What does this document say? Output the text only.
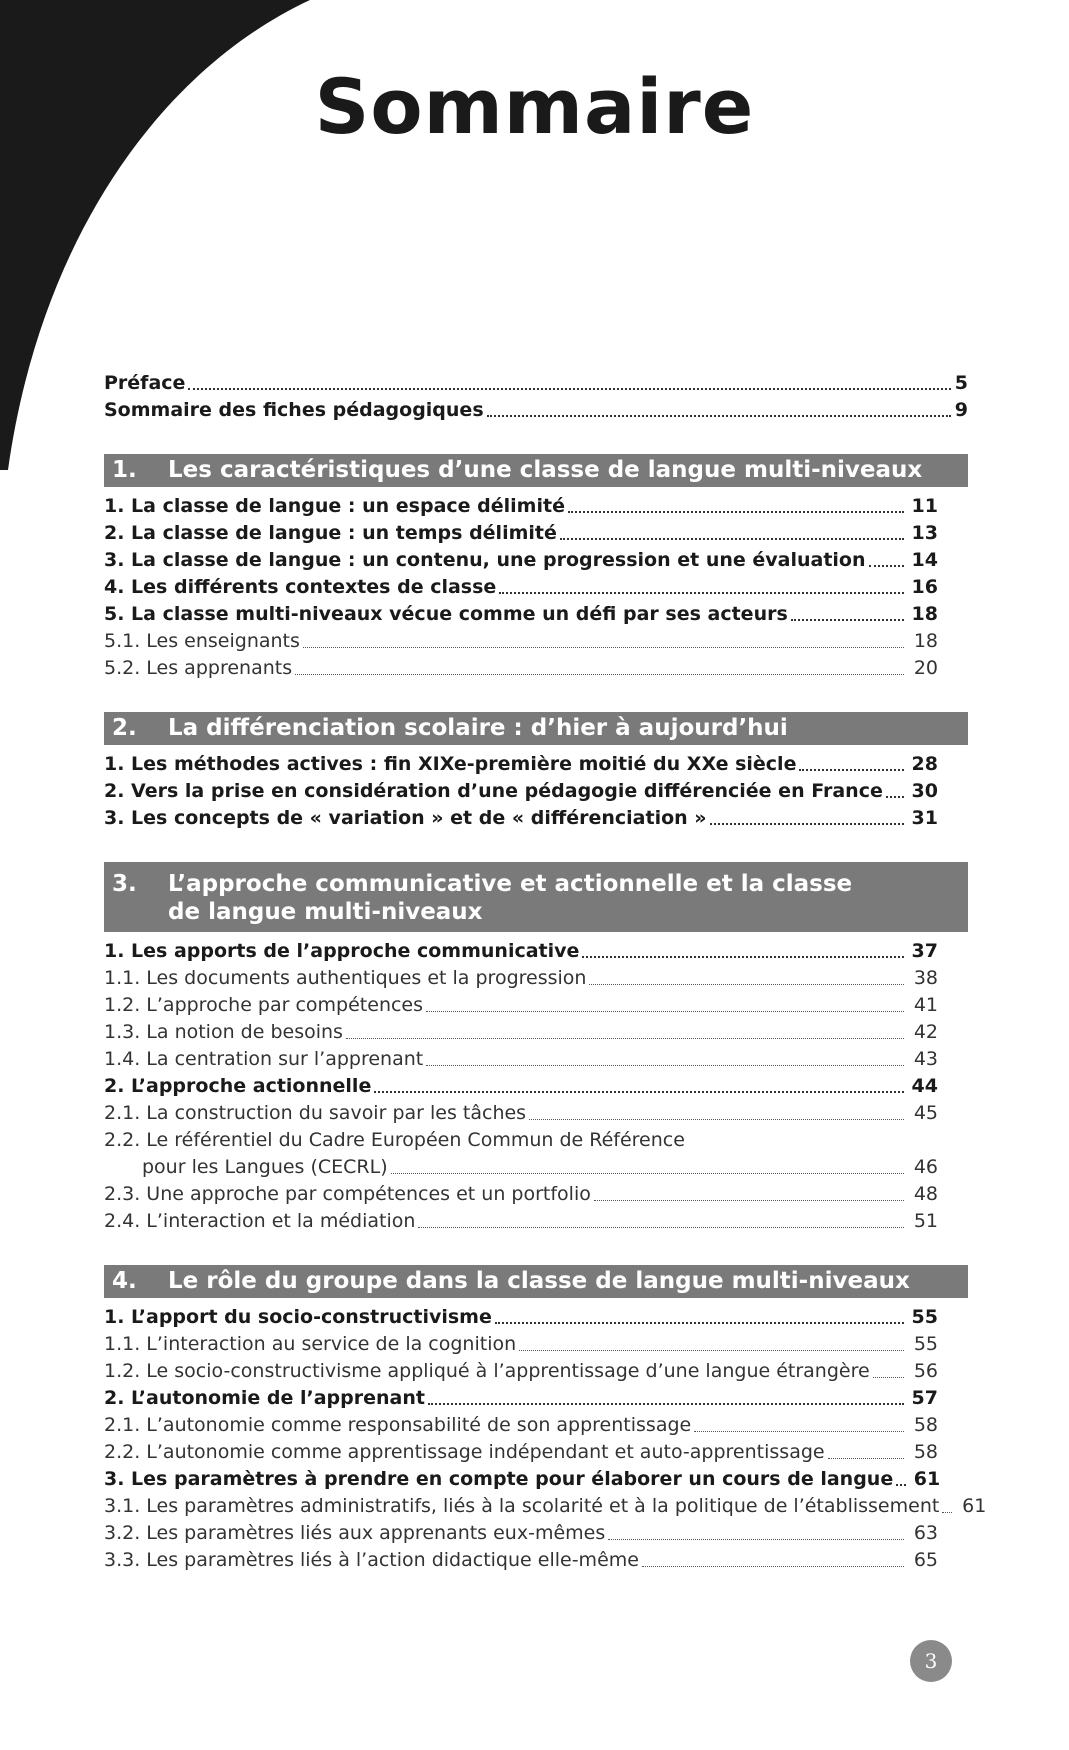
Sommaire
Préface	5
Sommaire des fiches pédagogiques	9
1.	Les caractéristiques d’une classe de langue multi-niveaux
1. La classe de langue : un espace délimité	11
2. La classe de langue : un temps délimité	13
3. La classe de langue : un contenu, une progression et une évaluation 14
4. Les différents contextes de classe	16
5. La classe multi-niveaux vécue comme un défi par ses acteurs	18
5.1. Les enseignants	18
5.2. Les apprenants	20
2.	La différenciation scolaire : d’hier à aujourd’hui
1. Les méthodes actives : fin XIXe-première moitié du XXe siècle	28
2. Vers la prise en considération d’une pédagogie différenciée en France 30
3. Les concepts de « variation » et de « différenciation »	31
3.	L’approche communicative et actionnelle et la classe
de langue multi-niveaux
1. Les apports de l’approche communicative	37
1.1. Les documents authentiques et la progression	38
1.2. L’approche par compétences	41
1.3. La notion de besoins	42
1.4. La centration sur l’apprenant	43
2. L’approche actionnelle	44
2.1. La construction du savoir par les tâches	45
2.2. Le référentiel du Cadre Européen Commun de Référence
pour les Langues (CECRL)	46
2.3. Une approche par compétences et un portfolio	48
2.4. L’interaction et la médiation	51
4.	Le rôle du groupe dans la classe de langue multi-niveaux
1. L’apport du socio-constructivisme	55
1.1. L’interaction au service de la cognition	55
1.2. Le socio-constructivisme appliqué à l’apprentissage d’une langue étrangère	56
2. L’autonomie de l’apprenant	57
2.1. L’autonomie comme responsabilité de son apprentissage	58
2.2. L’autonomie comme apprentissage indépendant et auto-apprentissage	58
3. Les paramètres à prendre en compte pour élaborer un cours de langue 61
3.1. Les paramètres administratifs, liés à la scolarité et à la politique de l’établissement	61
3.2. Les paramètres liés aux apprenants eux-mêmes	63
3.3. Les paramètres liés à l’action didactique elle-même	65
3
